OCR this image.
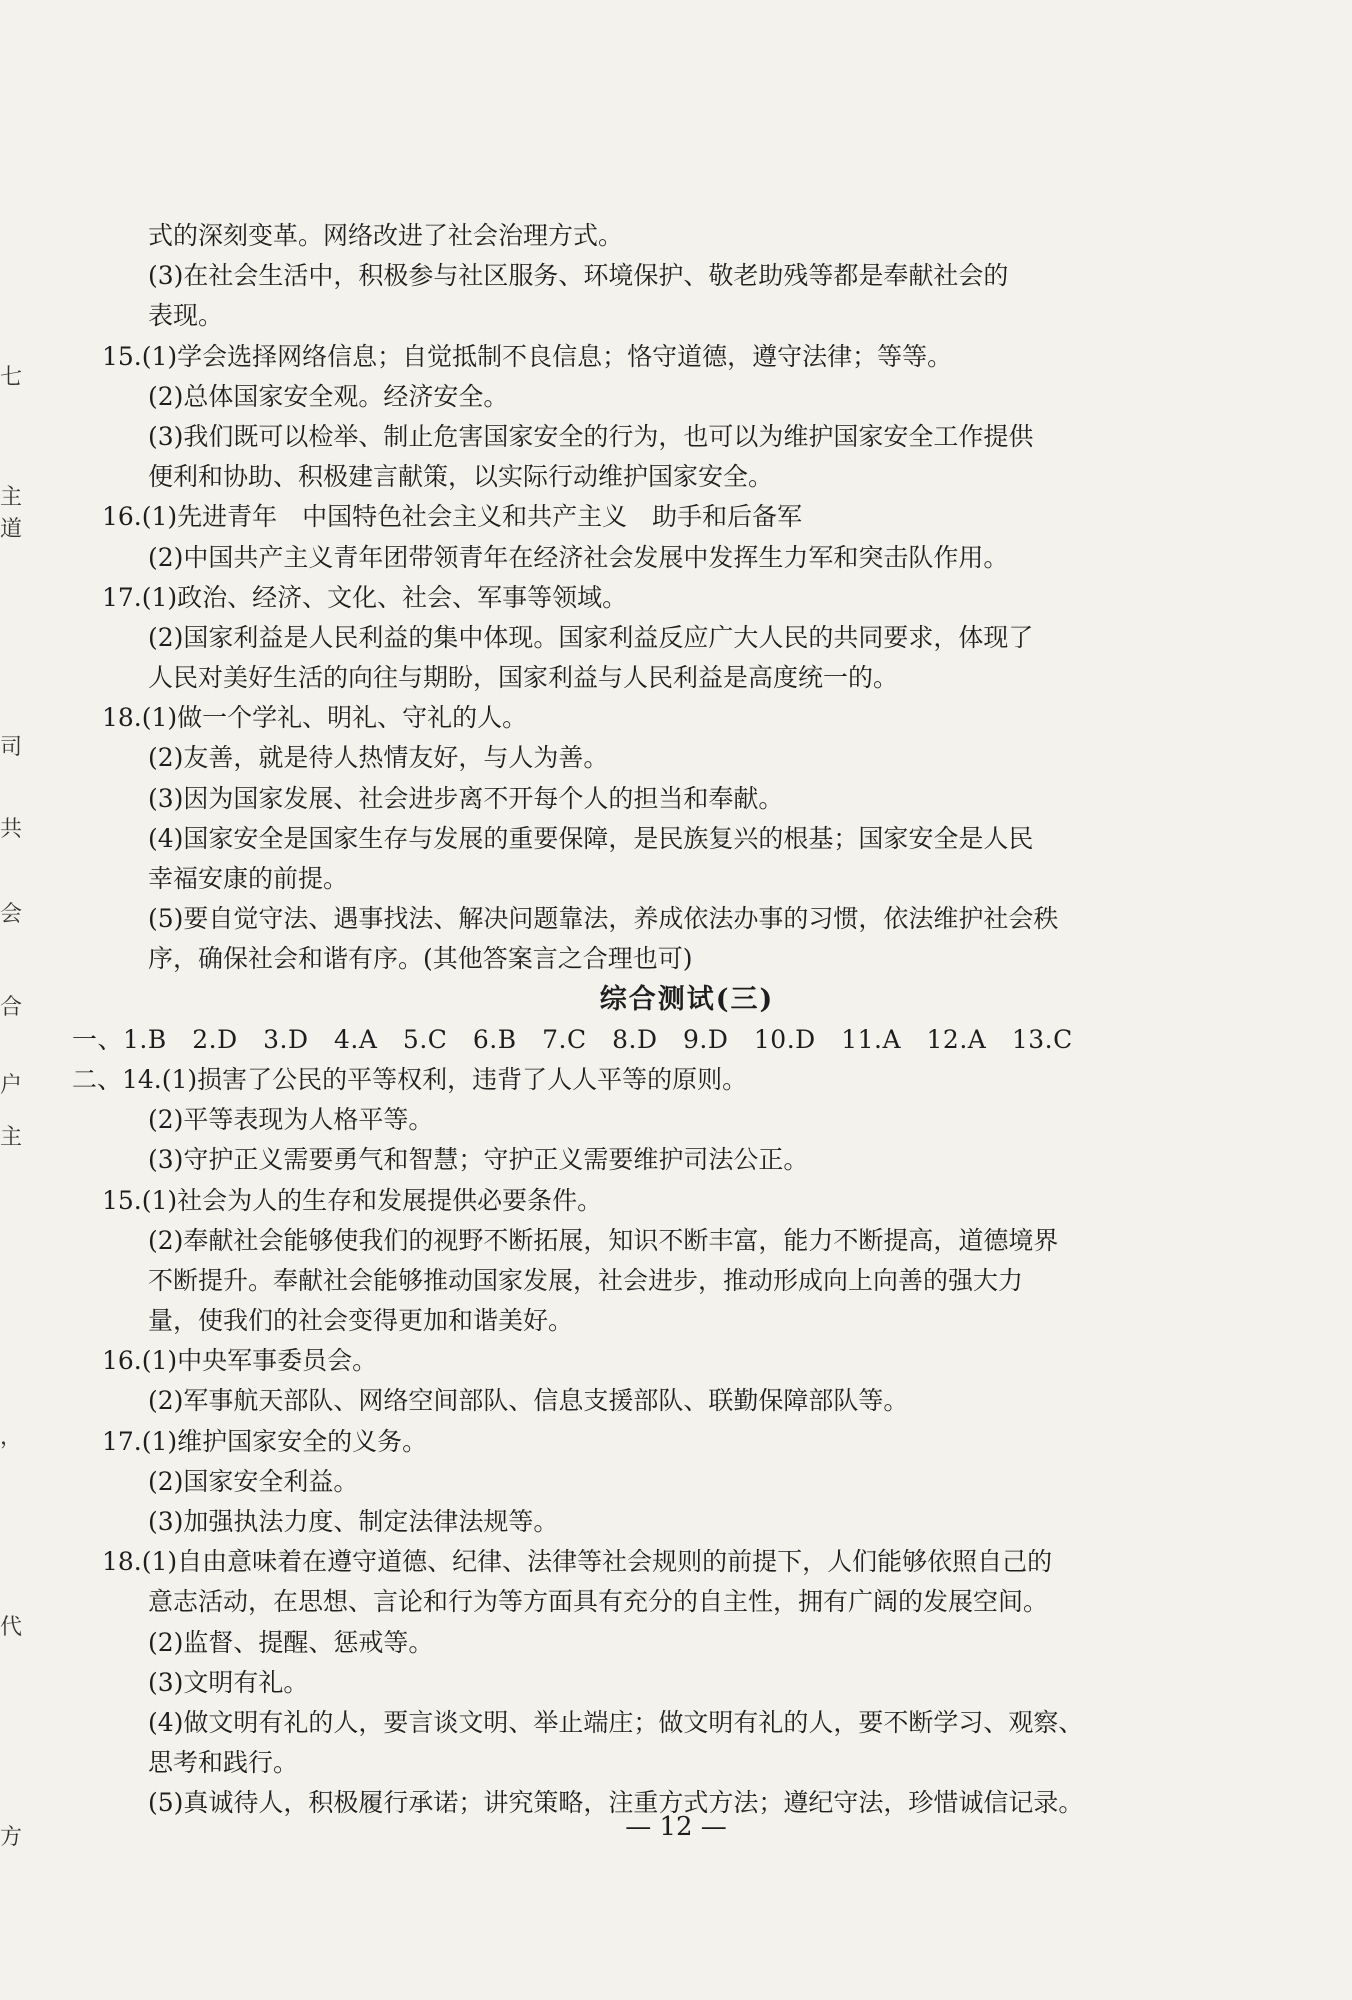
式的深刻变革。网络改进了社会治理方式。
(3)在社会生活中，积极参与社区服务、环境保护、敬老助残等都是奉献社会的
表现。
15.(1)学会选择网络信息；自觉抵制不良信息；恪守道德，遵守法律；等等。
(2)总体国家安全观。经济安全。
(3)我们既可以检举、制止危害国家安全的行为，也可以为维护国家安全工作提供
便利和协助、积极建言献策，以实际行动维护国家安全。
16.(1)先进青年　中国特色社会主义和共产主义　助手和后备军
(2)中国共产主义青年团带领青年在经济社会发展中发挥生力军和突击队作用。
17.(1)政治、经济、文化、社会、军事等领域。
(2)国家利益是人民利益的集中体现。国家利益反应广大人民的共同要求，体现了
人民对美好生活的向往与期盼，国家利益与人民利益是高度统一的。
18.(1)做一个学礼、明礼、守礼的人。
(2)友善，就是待人热情友好，与人为善。
(3)因为国家发展、社会进步离不开每个人的担当和奉献。
(4)国家安全是国家生存与发展的重要保障，是民族复兴的根基；国家安全是人民
幸福安康的前提。
(5)要自觉守法、遇事找法、解决问题靠法，养成依法办事的习惯，依法维护社会秩
序，确保社会和谐有序。(其他答案言之合理也可)
综合测试(三)
一、1.B　2.D　3.D　4.A　5.C　6.B　7.C　8.D　9.D　10.D　11.A　12.A　13.C
二、14.(1)损害了公民的平等权利，违背了人人平等的原则。
(2)平等表现为人格平等。
(3)守护正义需要勇气和智慧；守护正义需要维护司法公正。
15.(1)社会为人的生存和发展提供必要条件。
(2)奉献社会能够使我们的视野不断拓展，知识不断丰富，能力不断提高，道德境界
不断提升。奉献社会能够推动国家发展，社会进步，推动形成向上向善的强大力
量，使我们的社会变得更加和谐美好。
16.(1)中央军事委员会。
(2)军事航天部队、网络空间部队、信息支援部队、联勤保障部队等。
17.(1)维护国家安全的义务。
(2)国家安全利益。
(3)加强执法力度、制定法律法规等。
18.(1)自由意味着在遵守道德、纪律、法律等社会规则的前提下，人们能够依照自己的
意志活动，在思想、言论和行为等方面具有充分的自主性，拥有广阔的发展空间。
(2)监督、提醒、惩戒等。
(3)文明有礼。
(4)做文明有礼的人，要言谈文明、举止端庄；做文明有礼的人，要不断学习、观察、
思考和践行。
(5)真诚待人，积极履行承诺；讲究策略，注重方式方法；遵纪守法，珍惜诚信记录。
— 12 —
七
主
道
司
共
会
合
户
主
，
代
方
